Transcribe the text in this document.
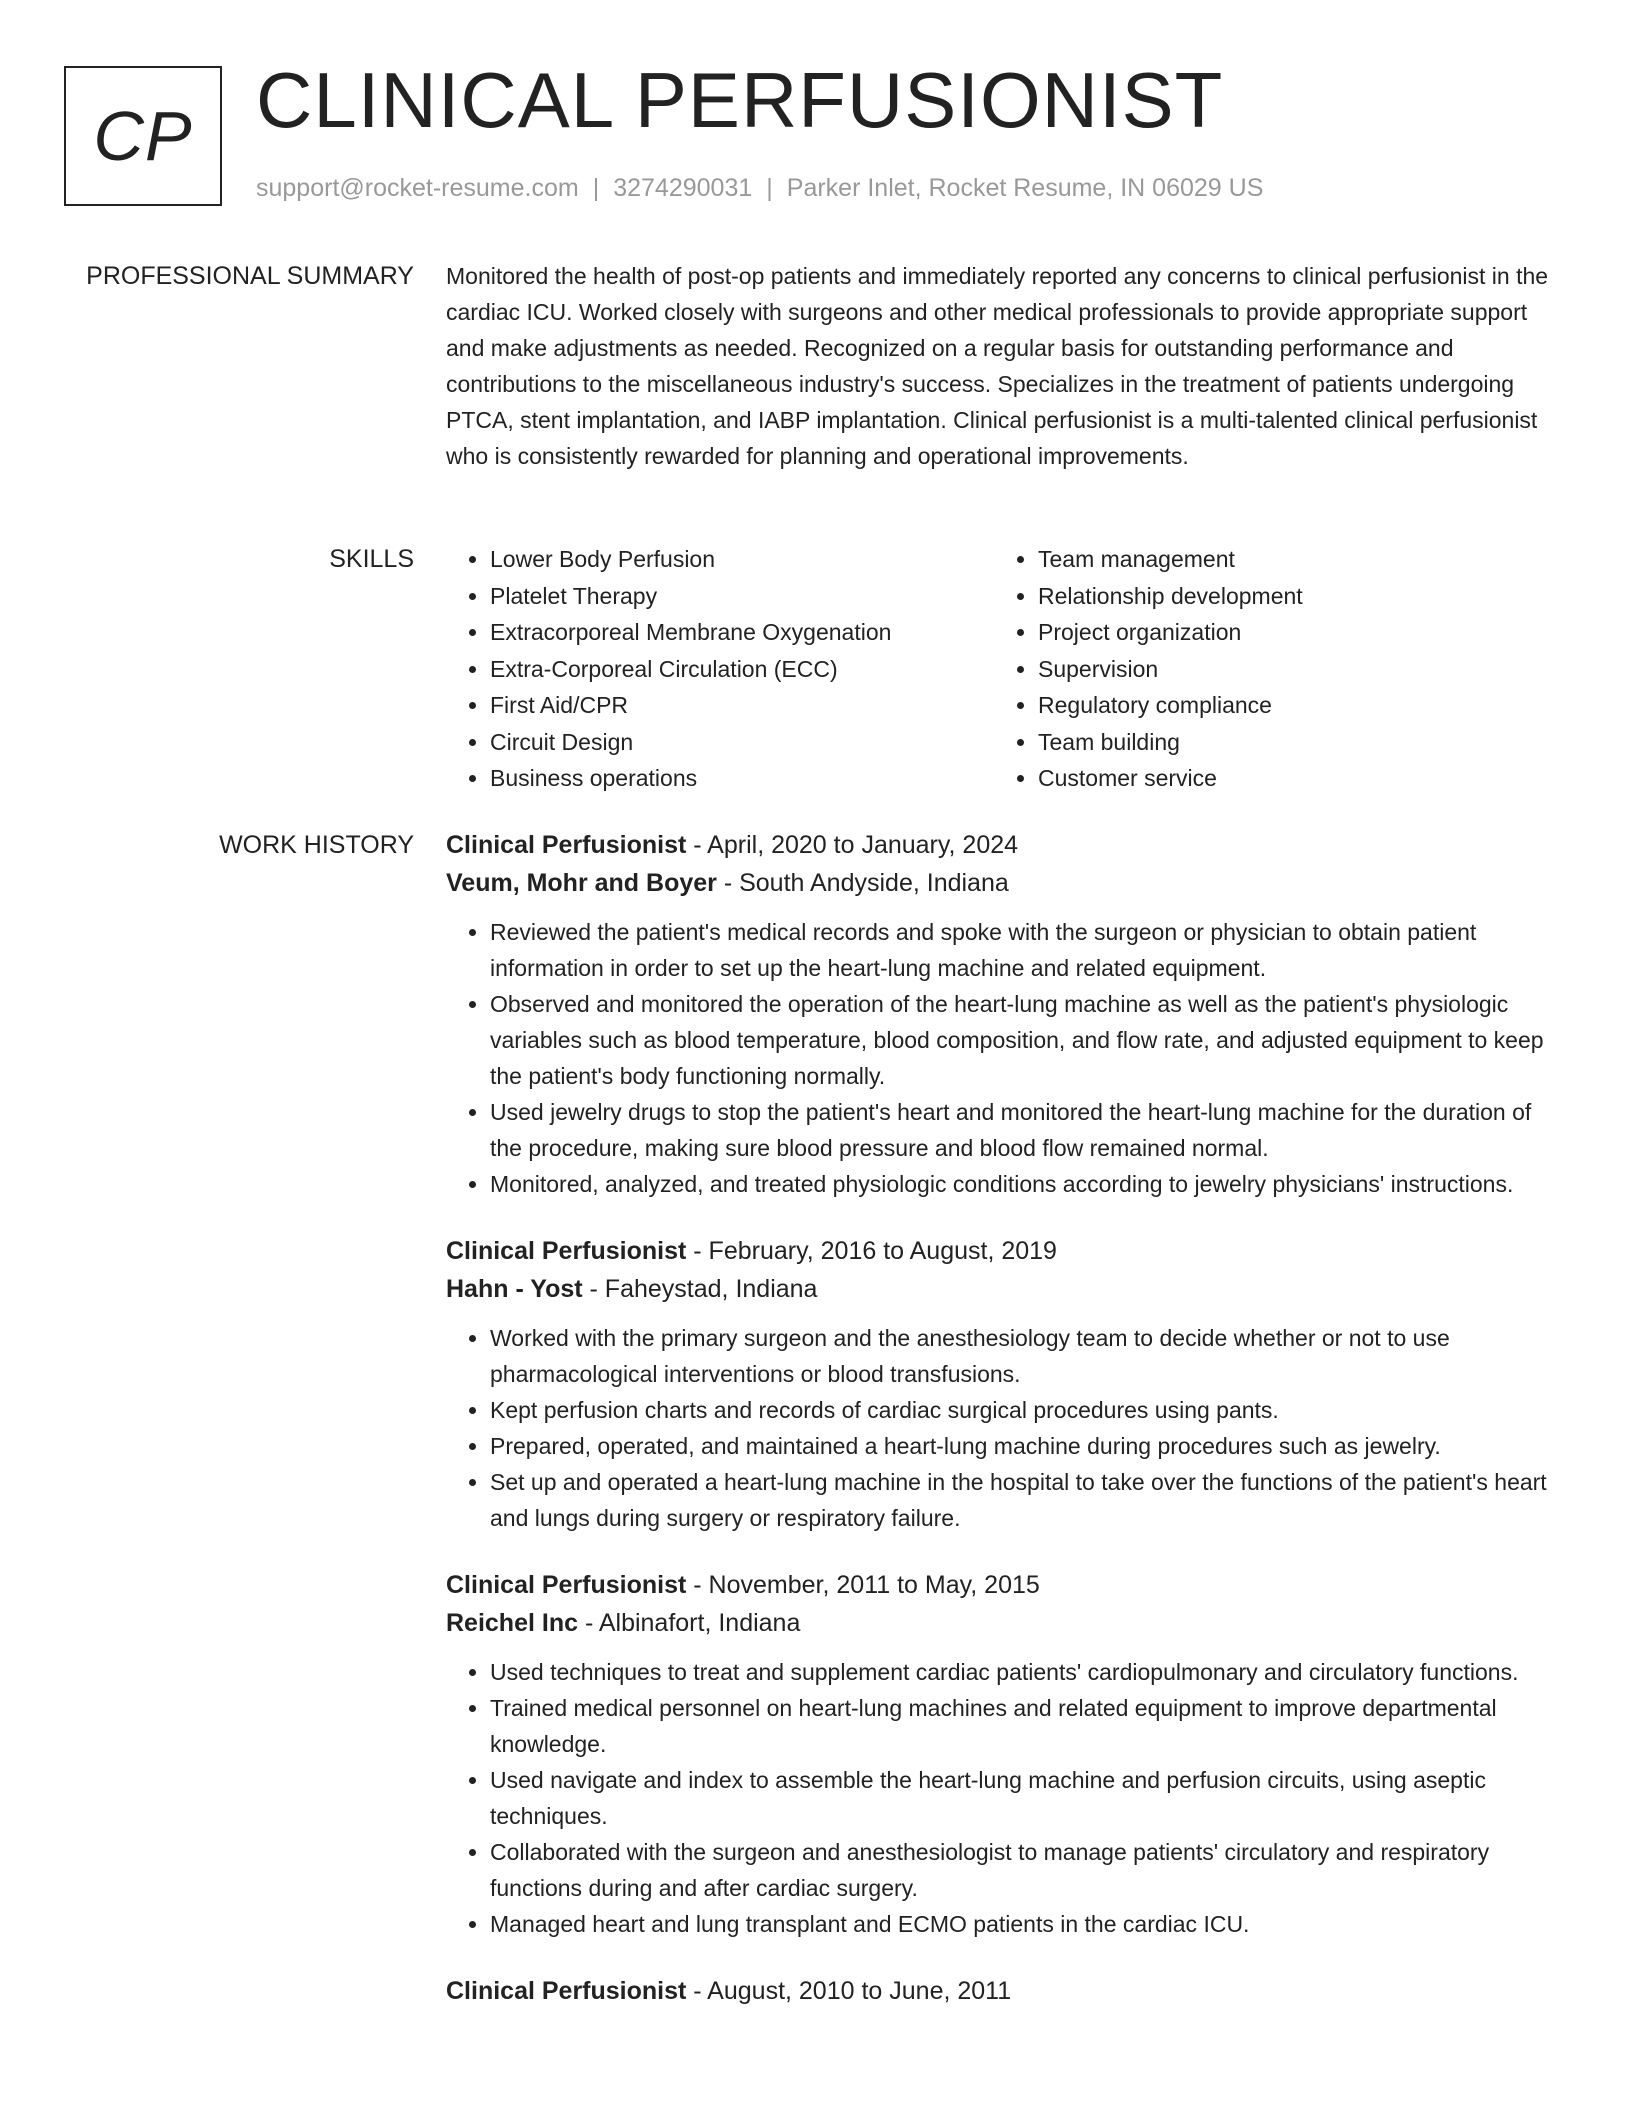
CP CLINICAL PERFUSIONIST
support@rocket-resume.com | 3274290031 | Parker Inlet, Rocket Resume, IN 06029 US
PROFESSIONAL SUMMARY Monitored the health of post-op patients and immediately reported any concerns to clinical perfusionist in the cardiac ICU. Worked closely with surgeons and other medical professionals to provide appropriate support and make adjustments as needed. Recognized on a regular basis for outstanding performance and contributions to the miscellaneous industry's success. Specializes in the treatment of patients undergoing PTCA, stent implantation, and IABP implantation. Clinical perfusionist is a multi-talented clinical perfusionist who is consistently rewarded for planning and operational improvements.

SKILLS
•	Lower Body Perfusion
• Platelet Therapy
• Extracorporeal Membrane Oxygenation
• Extra-Corporeal Circulation (ECC)
• First Aid/CPR
• Circuit Design
• Business operations
• Team management
• Relationship development
• Project organization
• Supervision
• Regulatory compliance
• Team building
• Customer service
WORK HISTORY Clinical Perfusionist - April, 2020 to January, 2024
Veum, Mohr and Boyer - South Andyside, Indiana
• Reviewed the patient's medical records and spoke with the surgeon or physician to obtain patient information in order to set up the heart-lung machine and related equipment.
• Observed and monitored the operation of the heart-lung machine as well as the patient's physiologic variables such as blood temperature, blood composition, and flow rate, and adjusted equipment to keep the patient's body functioning normally.
• Used jewelry drugs to stop the patient's heart and monitored the heart-lung machine for the duration of the procedure, making sure blood pressure and blood flow remained normal.
• Monitored, analyzed, and treated physiologic conditions according to jewelry physicians' instructions.
Clinical Perfusionist - February, 2016 to August, 2019
Hahn - Yost - Faheystad, Indiana
• Worked with the primary surgeon and the anesthesiology team to decide whether or not to use pharmacological interventions or blood transfusions.
• Kept perfusion charts and records of cardiac surgical procedures using pants.
• Prepared, operated, and maintained a heart-lung machine during procedures such as jewelry.
• Set up and operated a heart-lung machine in the hospital to take over the functions of the patient's heart and lungs during surgery or respiratory failure.
Clinical Perfusionist - November, 2011 to May, 2015
Reichel Inc - Albinafort, Indiana
• Used techniques to treat and supplement cardiac patients' cardiopulmonary and circulatory functions.
• Trained medical personnel on heart-lung machines and related equipment to improve departmental knowledge.
• Used navigate and index to assemble the heart-lung machine and perfusion circuits, using aseptic techniques.
• Collaborated with the surgeon and anesthesiologist to manage patients' circulatory and respiratory functions during and after cardiac surgery.
• Managed heart and lung transplant and ECMO patients in the cardiac ICU.
Clinical Perfusionist - August, 2010 to June, 2011
